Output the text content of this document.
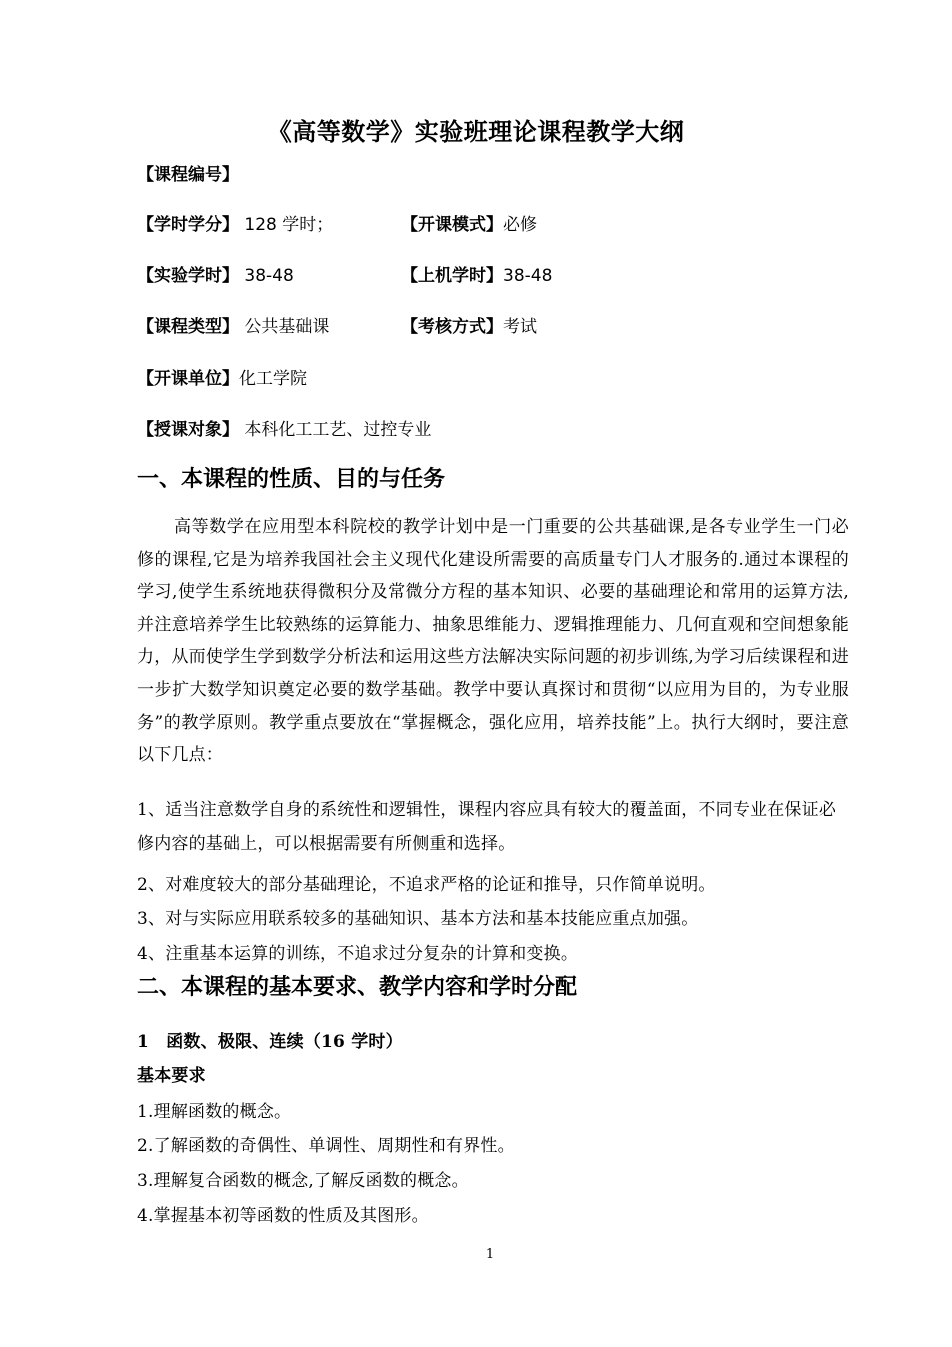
《高等数学》实验班理论课程教学大纲
【课程编号】
【学时学分】 128 学时；	【开课模式】必修
【实验学时】 38-48	【上机学时】38-48
【课程类型】 公共基础课	【考核方式】考试
【开课单位】化工学院
【授课对象】 本科化工工艺、过控专业
一、本课程的性质、目的与任务
高等数学在应用型本科院校的教学计划中是一门重要的公共基础课,是各专业学生一门必修的课程,它是为培养我国社会主义现代化建设所需要的高质量专门人才服务的.通过本课程的学习,使学生系统地获得微积分及常微分方程的基本知识、必要的基础理论和常用的运算方法,并注意培养学生比较熟练的运算能力、抽象思维能力、逻辑推理能力、几何直观和空间想象能力，从而使学生学到数学分析法和运用这些方法解决实际问题的初步训练,为学习后续课程和进一步扩大数学知识奠定必要的数学基础。教学中要认真探讨和贯彻“以应用为目的，为专业服务”的教学原则。教学重点要放在“掌握概念，强化应用，培养技能”上。执行大纲时，要注意以下几点：
1、适当注意数学自身的系统性和逻辑性，课程内容应具有较大的覆盖面，不同专业在保证必修内容的基础上，可以根据需要有所侧重和选择。
2、对难度较大的部分基础理论，不追求严格的论证和推导，只作简单说明。
3、对与实际应用联系较多的基础知识、基本方法和基本技能应重点加强。
4、注重基本运算的训练，不追求过分复杂的计算和变换。
二、本课程的基本要求、教学内容和学时分配
1　函数、极限、连续（16 学时）
基本要求
1.理解函数的概念。
2.了解函数的奇偶性、单调性、周期性和有界性。
3.理解复合函数的概念,了解反函数的概念。
4.掌握基本初等函数的性质及其图形。
1
